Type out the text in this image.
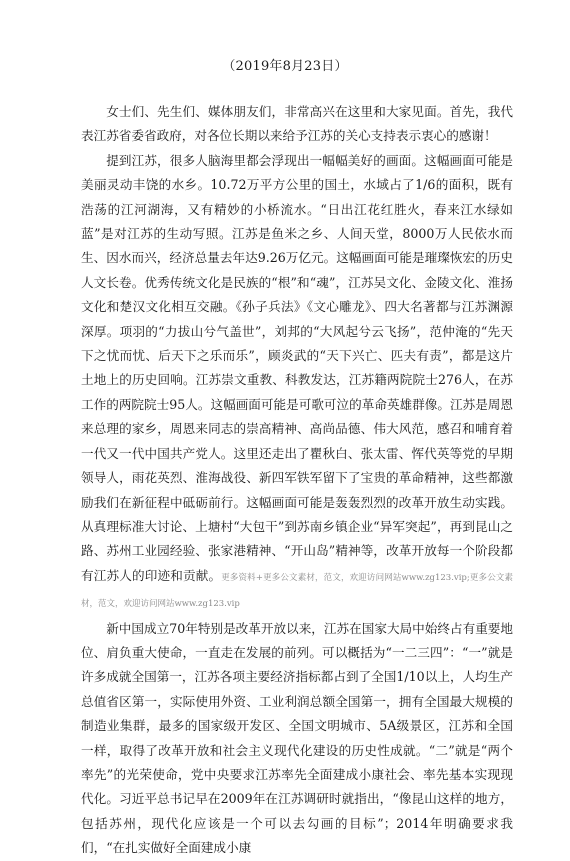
（2019年8月23日）

女士们、先生们、媒体朋友们，非常高兴在这里和大家见面。首先，我代表江苏省委省政府，对各位长期以来给予江苏的关心支持表示衷心的感谢！

提到江苏，很多人脑海里都会浮现出一幅幅美好的画面。这幅画面可能是美丽灵动丰饶的水乡。10.72万平方公里的国土，水域占了1/6的面积，既有浩荡的江河湖海，又有精妙的小桥流水。“日出江花红胜火，春来江水绿如蓝”是对江苏的生动写照。江苏是鱼米之乡、人间天堂，8000万人民依水而生、因水而兴，经济总量去年达9.26万亿元。这幅画面可能是璀璨恢宏的历史人文长卷。优秀传统文化是民族的“根”和“魂”，江苏吴文化、金陵文化、淮扬文化和楚汉文化相互交融。《孙子兵法》《文心雕龙》、四大名著都与江苏渊源深厚。项羽的“力拔山兮气盖世”，刘邦的“大风起兮云飞扬”，范仲淹的“先天下之忧而忧、后天下之乐而乐”，顾炎武的“天下兴亡、匹夫有责”，都是这片土地上的历史回响。江苏崇文重教、科教发达，江苏籍两院院士276人，在苏工作的两院院士95人。这幅画面可能是可歌可泣的革命英雄群像。江苏是周恩来总理的家乡，周恩来同志的崇高精神、高尚品德、伟大风范，感召和哺育着一代又一代中国共产党人。这里还走出了瞿秋白、张太雷、恽代英等党的早期领导人，雨花英烈、淮海战役、新四军铁军留下了宝贵的革命精神，这些都激励我们在新征程中砥砺前行。这幅画面可能是轰轰烈烈的改革开放生动实践。从真理标准大讨论、上塘村“大包干”到苏南乡镇企业“异军突起”，再到昆山之路、苏州工业园经验、张家港精神、“开山岛”精神等，改革开放每一个阶段都有江苏人的印迹和贡献。更多资料+更多公文素材，范文，欢迎访问网站www.zg123.vip;更多公文素材，范文，欢迎访问网站www.zg123.vip

新中国成立70年特别是改革开放以来，江苏在国家大局中始终占有重要地位、肩负重大使命，一直走在发展的前列。可以概括为“一二三四”：“一”就是许多成就全国第一，江苏各项主要经济指标都占到了全国1/10以上，人均生产总值省区第一，实际使用外资、工业利润总额全国第一，拥有全国最大规模的制造业集群，最多的国家级开发区、全国文明城市、5A级景区，江苏和全国一样，取得了改革开放和社会主义现代化建设的历史性成就。“二”就是“两个率先”的光荣使命，党中央要求江苏率先全面建成小康社会、率先基本实现现代化。习近平总书记早在2009年在江苏调研时就指出，“像昆山这样的地方，包括苏州，现代化应该是一个可以去勾画的目标”；2014年明确要求我们，“在扎实做好全面建成小康
